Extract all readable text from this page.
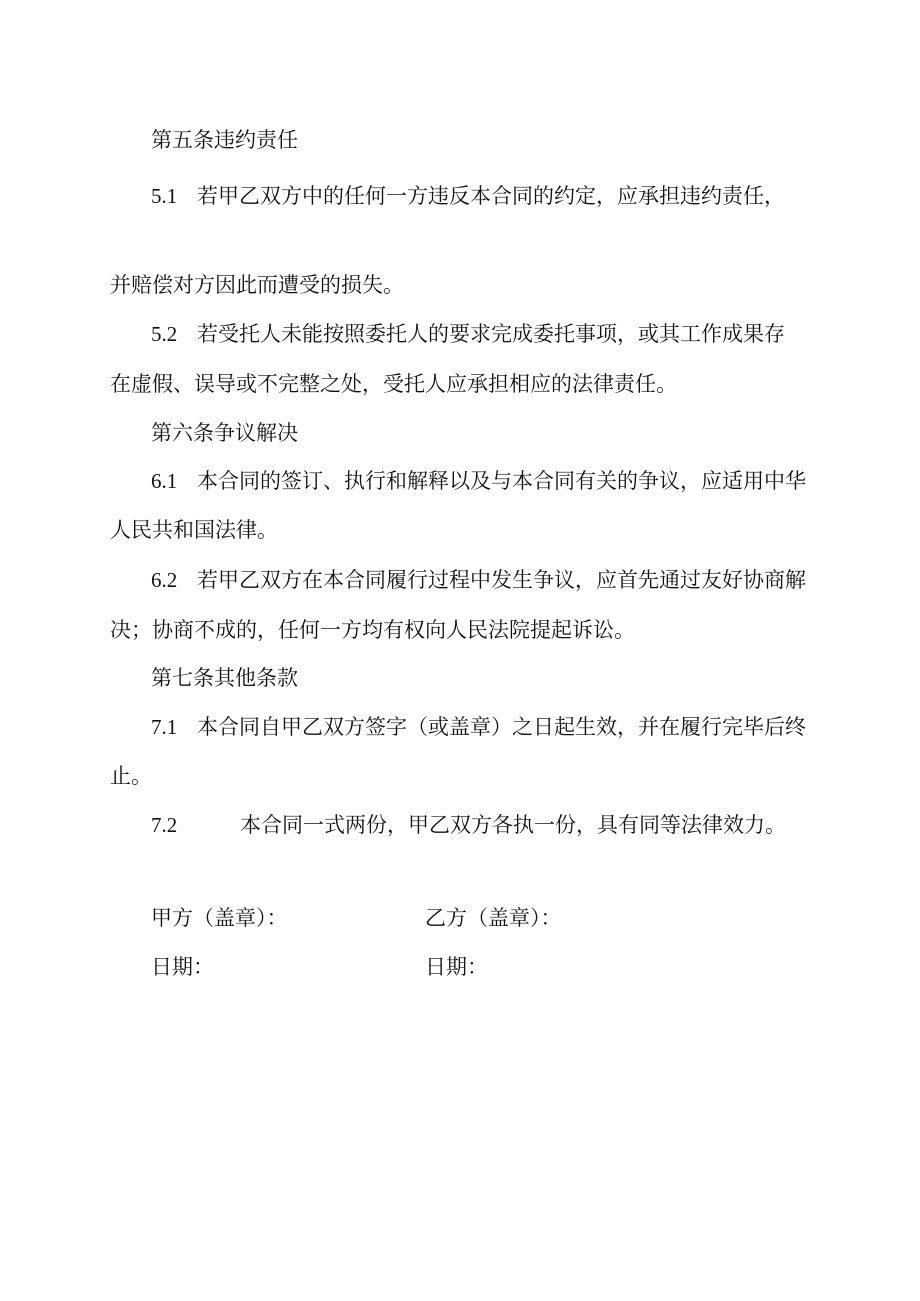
第五条违约责任
5.1 若甲乙双方中的任何一方违反本合同的约定，应承担违约责任，
并赔偿对方因此而遭受的损失。
5.2 若受托人未能按照委托人的要求完成委托事项，或其工作成果存
在虚假、误导或不完整之处，受托人应承担相应的法律责任。
第六条争议解决
6.1 本合同的签订、执行和解释以及与本合同有关的争议，应适用中华
人民共和国法律。
6.2 若甲乙双方在本合同履行过程中发生争议，应首先通过友好协商解
决；协商不成的，任何一方均有权向人民法院提起诉讼。
第七条其他条款
7.1 本合同自甲乙双方签字（或盖章）之日起生效，并在履行完毕后终
止。
7.2	本合同一式两份，甲乙双方各执一份，具有同等法律效力。
甲方（盖章）：	乙方（盖章）：
日期：	日期：
